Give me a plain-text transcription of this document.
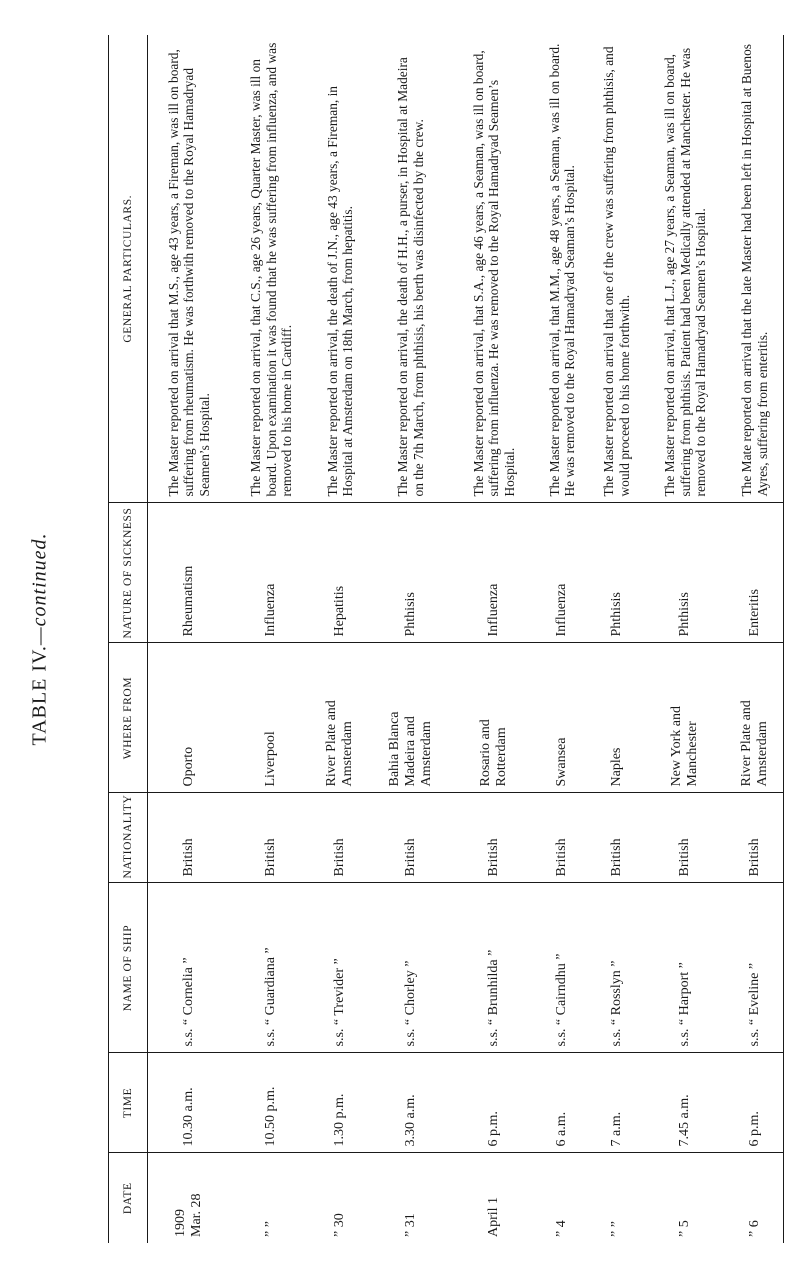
TABLE IV.—continued.
DATE	TIME	NAME OF SHIP	NATIONALITY	WHERE FROM	NATURE OF SICKNESS	GENERAL PARTICULARS.

1909 Mar. 28	10.30 a.m.	s.s. “ Cornelia ”	British	Oporto	Rheumatism	The Master reported on arrival that M.S., age 43 years, a Fireman, was ill on board, suffering from rheumatism. He was forthwith removed to the Royal Hamadryad Seamen’s Hospital.

” ”	10.50 p.m.	s.s. “ Guardiana ”	British	Liverpool	Influenza	The Master reported on arrival, that C.S., age 26 years, Quarter Master, was ill on board. Upon examination it was found that he was suffering from influenza, and was removed to his home in Cardiff.

” 30	1.30 p.m.	s.s. “ Trevider ”	British	River Plate and Amsterdam	Hepatitis	The Master reported on arrival, the death of J.N., age 43 years, a Fireman, in Hospital at Amsterdam on 18th March, from hepatitis.

” 31	3.30 a.m.	s.s. “ Chorley ”	British	Bahia Blanca Madeira and Amsterdam	Phthisis	The Master reported on arrival, the death of H.H., a purser, in Hospital at Madeira on the 7th March, from phthisis, his berth was disinfected by the crew.

April 1	6 p.m.	s.s. “ Brunhilda ”	British	Rosario and Rotterdam	Influenza	The Master reported on arrival, that S.A., age 46 years, a Seaman, was ill on board, suffering from influenza. He was removed to the Royal Hamadryad Seamen’s Hospital.

” 4	6 a.m.	s.s. “ Cairndhu ”	British	Swansea	Influenza	The Master reported on arrival, that M.M., age 48 years, a Seaman, was ill on board. He was removed to the Royal Hamadryad Seaman’s Hospital.

” ”	7 a.m.	s.s. “ Rosslyn ”	British	Naples	Phthisis	The Master reported on arrival that one of the crew was suffering from phthisis, and would proceed to his home forthwith.

” 5	7.45 a.m.	s.s. “ Harport ”	British	New York and Manchester	Phthisis	The Master reported on arrival, that L.J., age 27 years, a Seaman, was ill on board, suffering from phthisis. Patient had been Medically attended at Manchester. He was removed to the Royal Hamadryad Seamen’s Hospital.

” 6	6 p.m.	s.s. “ Eveline ”	British	River Plate and Amsterdam	Enteritis	The Mate reported on arrival that the late Master had been left in Hospital at Buenos Ayres, suffering from enteritis.
